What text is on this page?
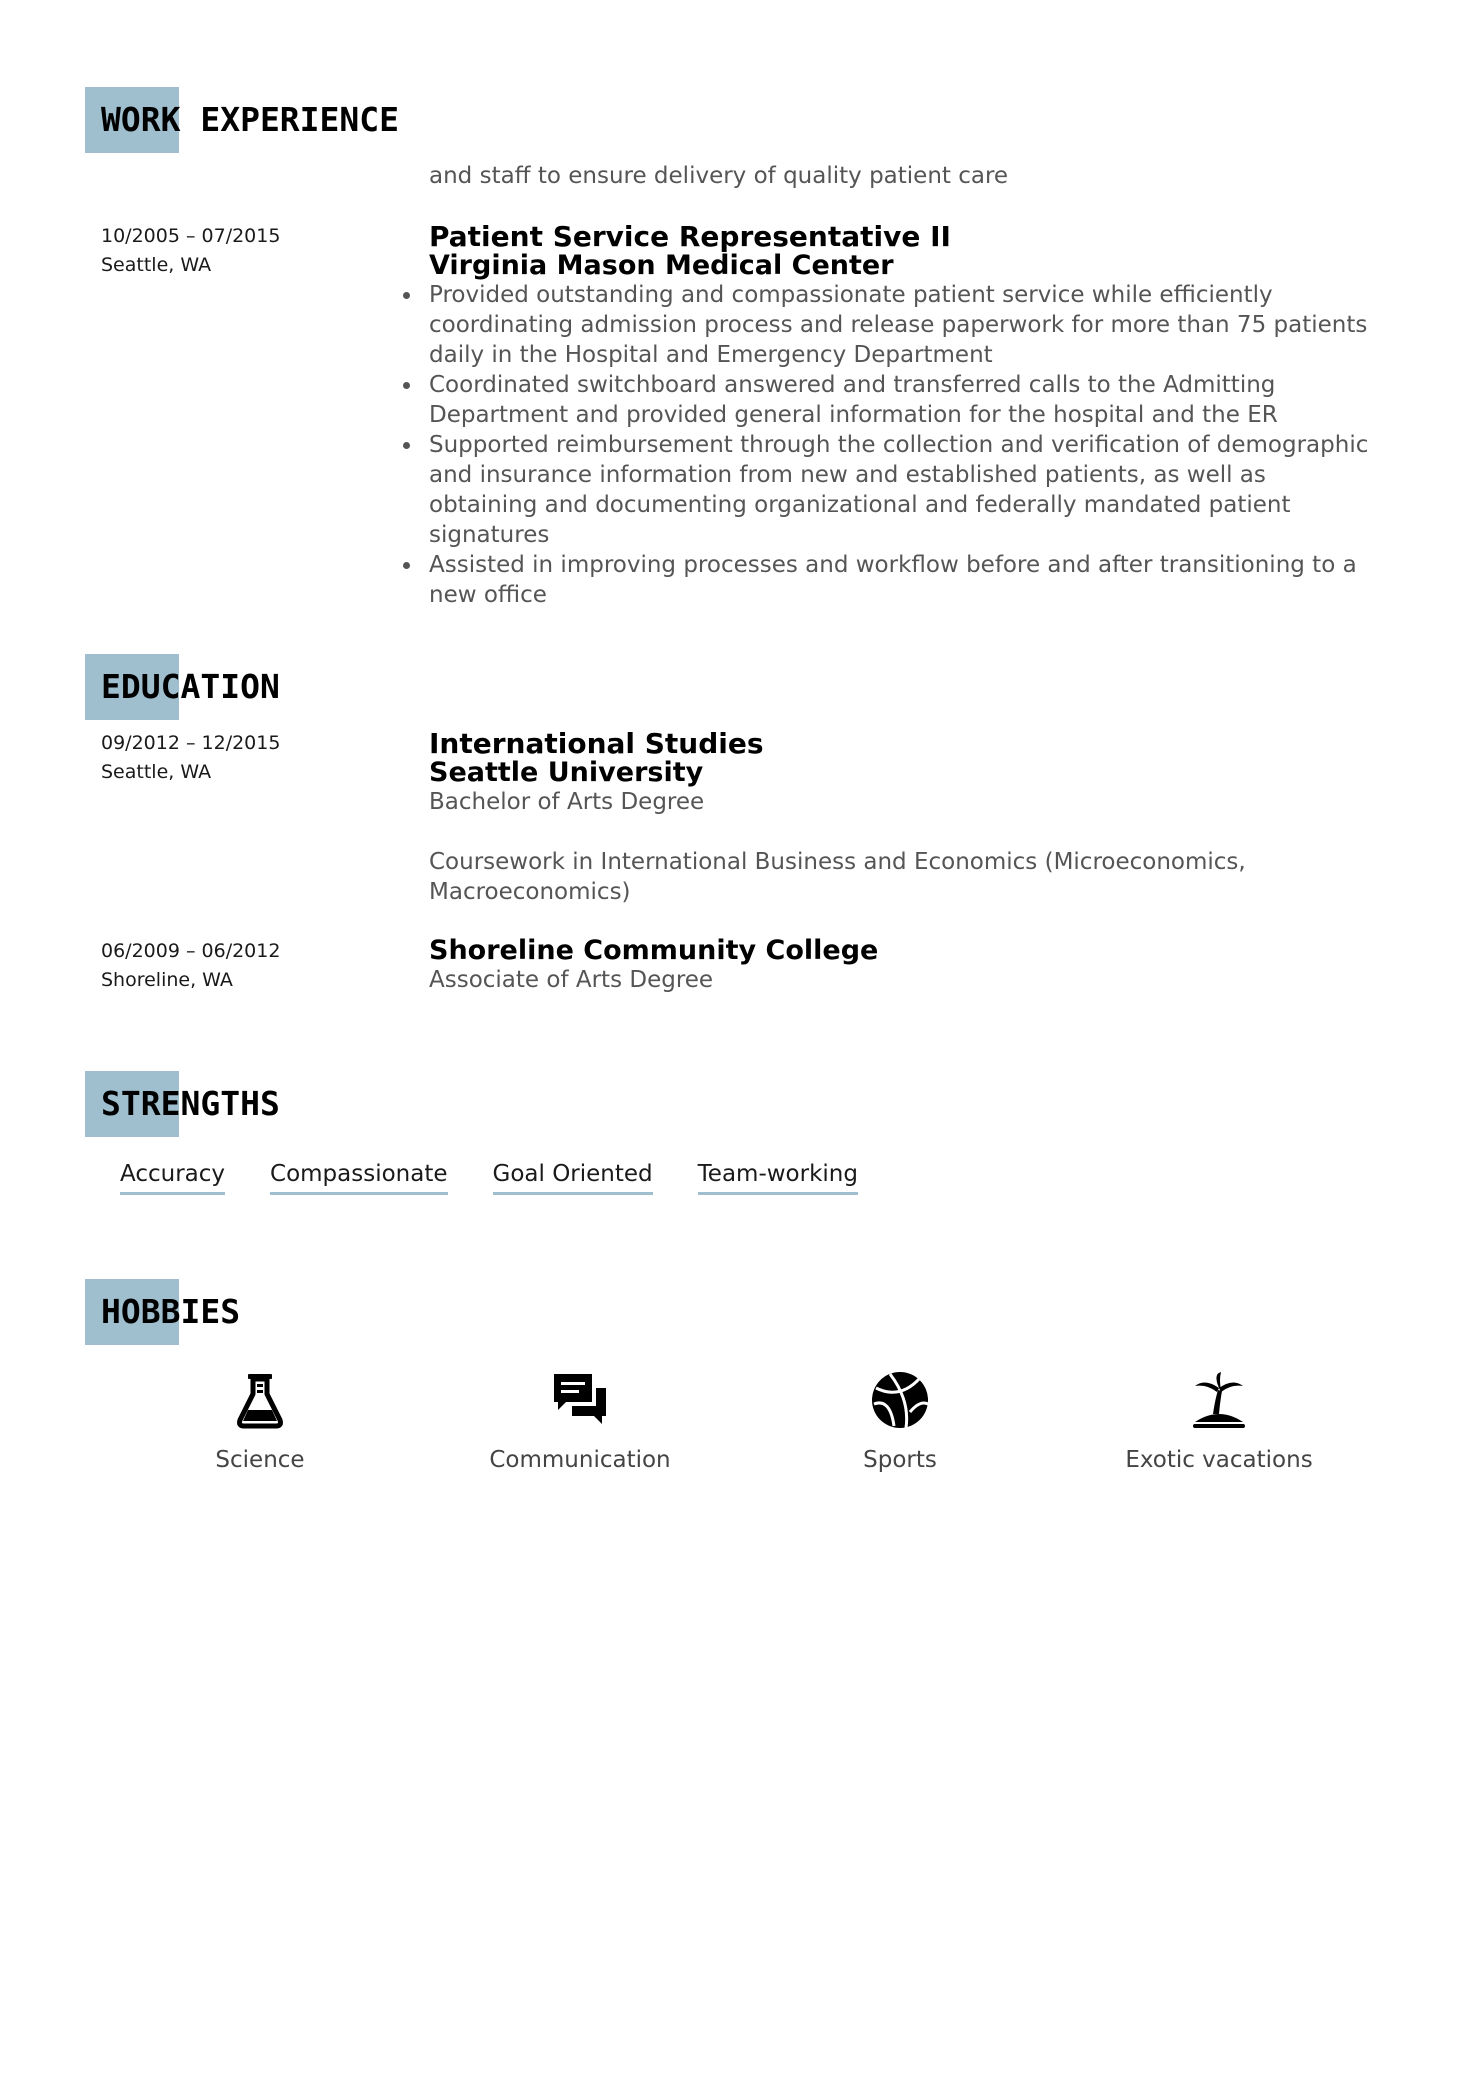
WORK EXPERIENCE
and staff to ensure delivery of quality patient care
10/2005 – 07/2015
Seattle, WA
Patient Service Representative II
Virginia Mason Medical Center
Provided outstanding and compassionate patient service while efficiently coordinating admission process and release paperwork for more than 75 patients daily in the Hospital and Emergency Department
Coordinated switchboard answered and transferred calls to the Admitting Department and provided general information for the hospital and the ER
Supported reimbursement through the collection and verification of demographic and insurance information from new and established patients, as well as obtaining and documenting organizational and federally mandated patient signatures
Assisted in improving processes and workflow before and after transitioning to a new office
EDUCATION
09/2012 – 12/2015
Seattle, WA
International Studies
Seattle University
Bachelor of Arts Degree
Coursework in International Business and Economics (Microeconomics, Macroeconomics)
06/2009 – 06/2012
Shoreline, WA
Shoreline Community College
Associate of Arts Degree
STRENGTHS
Accuracy Compassionate Goal Oriented Team-working
HOBBIES
Science	Communication	Sports	Exotic vacations
